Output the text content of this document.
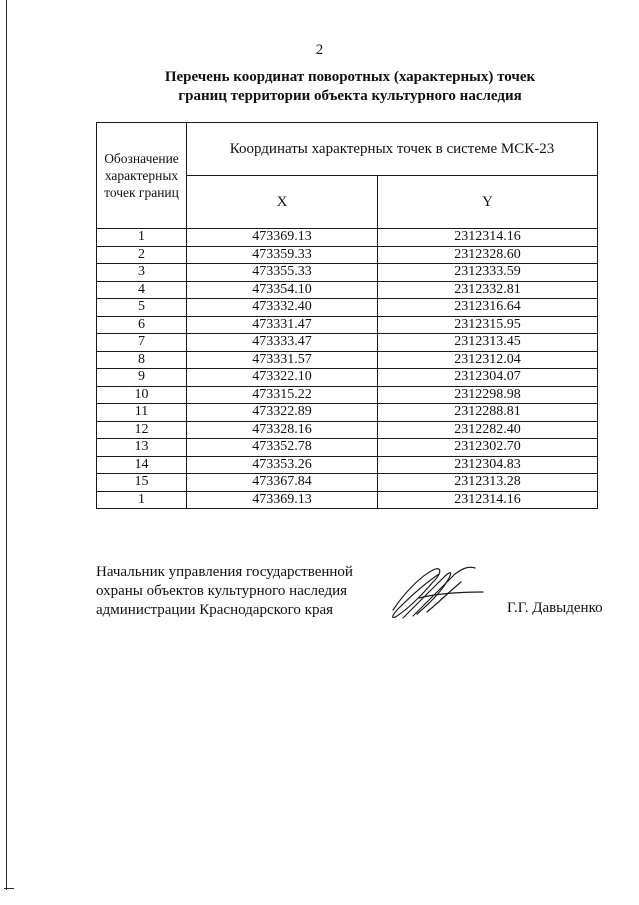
2
Перечень координат поворотных (характерных) точек
границ территории объекта культурного наследия
Обозначение
характерных
точек границ	Координаты характерных точек в системе МСК-23	
	X	Y
1	473369.13	2312314.16
2	473359.33	2312328.60
3	473355.33	2312333.59
4	473354.10	2312332.81
5	473332.40	2312316.64
6	473331.47	2312315.95
7	473333.47	2312313.45
8	473331.57	2312312.04
9	473322.10	2312304.07
10	473315.22	2312298.98
11	473322.89	2312288.81
12	473328.16	2312282.40
13	473352.78	2312302.70
14	473353.26	2312304.83
15	473367.84	2312313.28
1	473369.13	2312314.16
Начальник управления государственной
охраны объектов культурного наследия
администрации Краснодарского края	Г.Г. Давыденко
